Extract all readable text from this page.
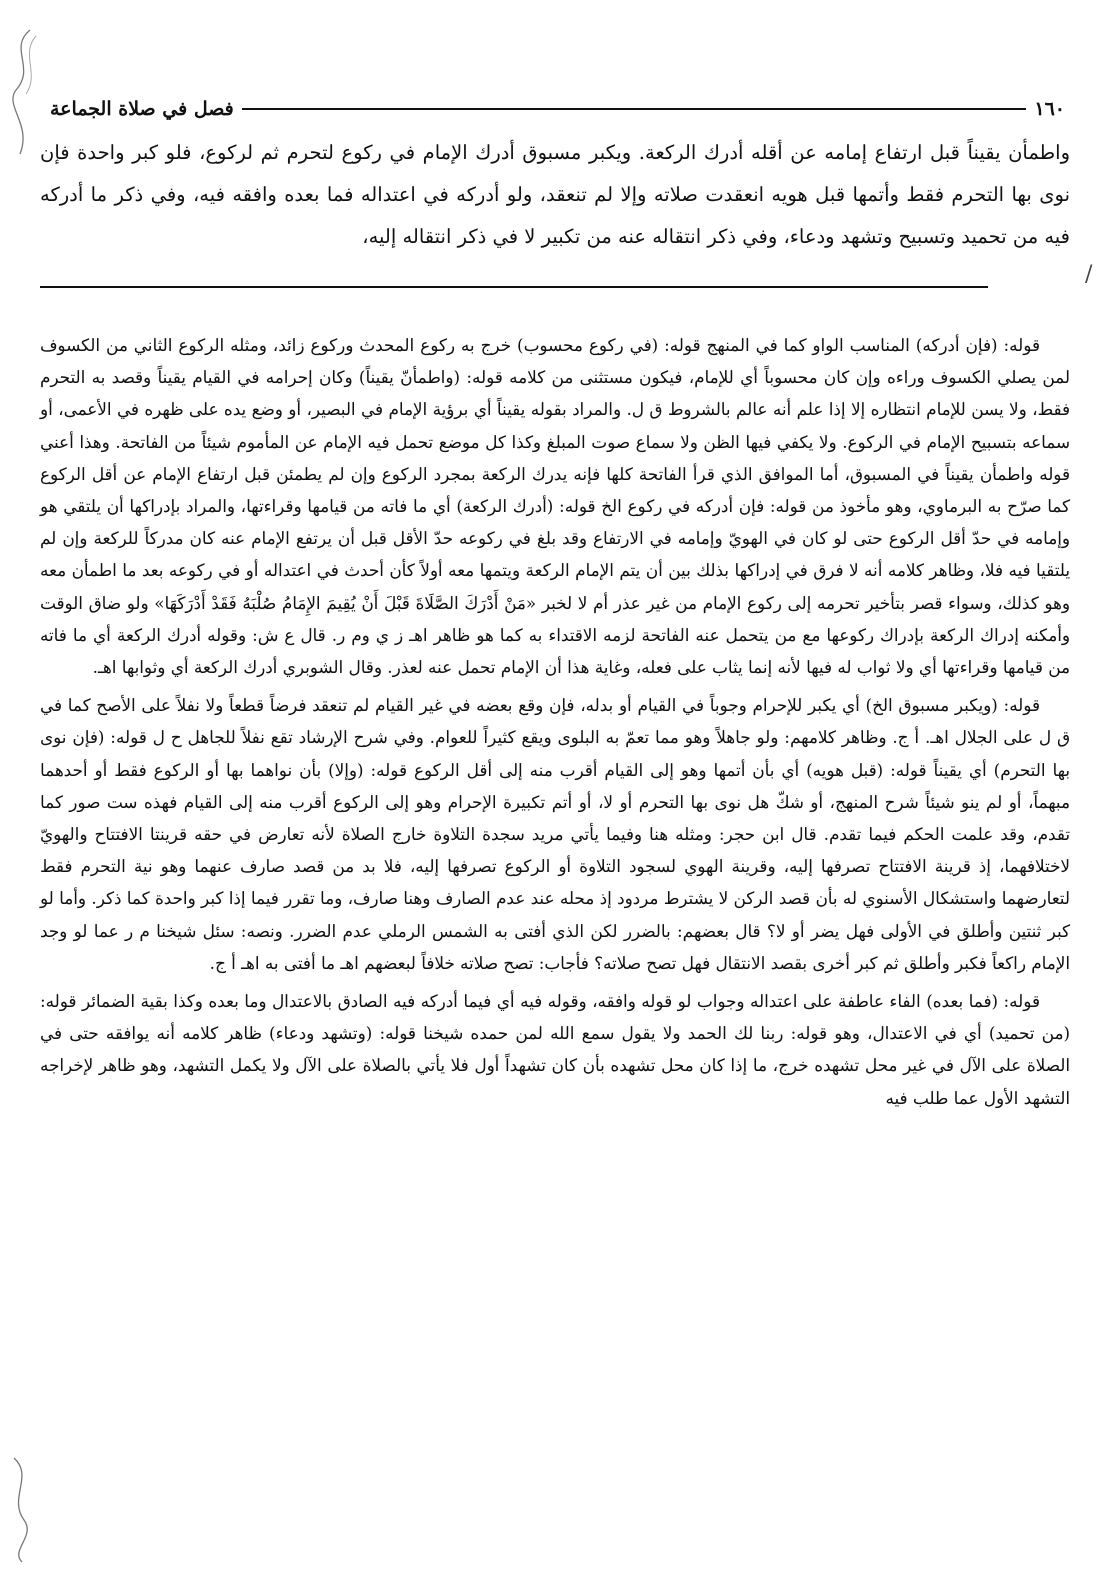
/
١٦٠
فصل في صلاة الجماعة

واطمأن يقيناً قبل ارتفاع إمامه عن أقله أدرك الركعة. ويكبر مسبوق أدرك الإمام في ركوع لتحرم ثم لركوع، فلو كبر واحدة فإن نوى بها التحرم فقط وأتمها قبل هويه انعقدت صلاته وإلا لم تنعقد، ولو أدركه في اعتداله فما بعده وافقه فيه، وفي ذكر ما أدركه فيه من تحميد وتسبيح وتشهد ودعاء، وفي ذكر انتقاله عنه من تكبير لا في ذكر انتقاله إليه،

قوله: (فإن أدركه) المناسب الواو كما في المنهج قوله: (في ركوع محسوب) خرج به ركوع المحدث وركوع زائد، ومثله الركوع الثاني من الكسوف لمن يصلي الكسوف وراءه وإن كان محسوباً أي للإمام، فيكون مستثنى من كلامه قوله: (واطمأنّ يقيناً) وكان إحرامه في القيام يقيناً وقصد به التحرم فقط، ولا يسن للإمام انتظاره إلا إذا علم أنه عالم بالشروط ق ل. والمراد بقوله يقيناً أي برؤية الإمام في البصير، أو وضع يده على ظهره في الأعمى، أو سماعه بتسبيح الإمام في الركوع. ولا يكفي فيها الظن ولا سماع صوت المبلغ وكذا كل موضع تحمل فيه الإمام عن المأموم شيئاً من الفاتحة. وهذا أعني قوله واطمأن يقيناً في المسبوق، أما الموافق الذي قرأ الفاتحة كلها فإنه يدرك الركعة بمجرد الركوع وإن لم يطمئن قبل ارتفاع الإمام عن أقل الركوع كما صرّح به البرماوي، وهو مأخوذ من قوله: فإن أدركه في ركوع الخ قوله: (أدرك الركعة) أي ما فاته من قيامها وقراءتها، والمراد بإدراكها أن يلتقي هو وإمامه في حدّ أقل الركوع حتى لو كان في الهويّ وإمامه في الارتفاع وقد بلغ في ركوعه حدّ الأقل قبل أن يرتفع الإمام عنه كان مدركاً للركعة وإن لم يلتقيا فيه فلا، وظاهر كلامه أنه لا فرق في إدراكها بذلك بين أن يتم الإمام الركعة ويتمها معه أولاً كأن أحدث في اعتداله أو في ركوعه بعد ما اطمأن معه وهو كذلك، وسواء قصر بتأخير تحرمه إلى ركوع الإمام من غير عذر أم لا لخبر «مَنْ أَدْرَكَ الصَّلَاةَ قَبْلَ أَنْ يُقِيمَ الإِمَامُ صُلْبَهُ فَقَدْ أَدْرَكَهَا» ولو ضاق الوقت وأمكنه إدراك الركعة بإدراك ركوعها مع من يتحمل عنه الفاتحة لزمه الاقتداء به كما هو ظاهر اهـ ز ي وم ر. قال ع ش: وقوله أدرك الركعة أي ما فاته من قيامها وقراءتها أي ولا ثواب له فيها لأنه إنما يثاب على فعله، وغاية هذا أن الإمام تحمل عنه لعذر. وقال الشوبري أدرك الركعة أي وثوابها اهـ.

قوله: (ويكبر مسبوق الخ) أي يكبر للإحرام وجوباً في القيام أو بدله، فإن وقع بعضه في غير القيام لم تنعقد فرضاً قطعاً ولا نفلاً على الأصح كما في ق ل على الجلال اهـ. أ ج. وظاهر كلامهم: ولو جاهلاً وهو مما تعمّ به البلوى ويقع كثيراً للعوام. وفي شرح الإرشاد تقع نفلاً للجاهل ح ل قوله: (فإن نوى بها التحرم) أي يقيناً قوله: (قبل هويه) أي بأن أتمها وهو إلى القيام أقرب منه إلى أقل الركوع قوله: (وإلا) بأن نواهما بها أو الركوع فقط أو أحدهما مبهماً، أو لم ينو شيئاً شرح المنهج، أو شكّ هل نوى بها التحرم أو لا، أو أتم تكبيرة الإحرام وهو إلى الركوع أقرب منه إلى القيام فهذه ست صور كما تقدم، وقد علمت الحكم فيما تقدم. قال ابن حجر: ومثله هنا وفيما يأتي مريد سجدة التلاوة خارج الصلاة لأنه تعارض في حقه قرينتا الافتتاح والهويّ لاختلافهما، إذ قرينة الافتتاح تصرفها إليه، وقرينة الهوي لسجود التلاوة أو الركوع تصرفها إليه، فلا بد من قصد صارف عنهما وهو نية التحرم فقط لتعارضهما واستشكال الأسنوي له بأن قصد الركن لا يشترط مردود إذ محله عند عدم الصارف وهنا صارف، وما تقرر فيما إذا كبر واحدة كما ذكر. وأما لو كبر ثنتين وأطلق في الأولى فهل يضر أو لا؟ قال بعضهم: بالضرر لكن الذي أفتى به الشمس الرملي عدم الضرر. ونصه: سئل شيخنا م ر عما لو وجد الإمام راكعاً فكبر وأطلق ثم كبر أخرى بقصد الانتقال فهل تصح صلاته؟ فأجاب: تصح صلاته خلافاً لبعضهم اهـ ما أفتى به اهـ أ ج.

قوله: (فما بعده) الفاء عاطفة على اعتداله وجواب لو قوله وافقه، وقوله فيه أي فيما أدركه فيه الصادق بالاعتدال وما بعده وكذا بقية الضمائر قوله: (من تحميد) أي في الاعتدال، وهو قوله: ربنا لك الحمد ولا يقول سمع الله لمن حمده شيخنا قوله: (وتشهد ودعاء) ظاهر كلامه أنه يوافقه حتى في الصلاة على الآل في غير محل تشهده خرج، ما إذا كان محل تشهده بأن كان تشهداً أول فلا يأتي بالصلاة على الآل ولا يكمل التشهد، وهو ظاهر لإخراجه التشهد الأول عما طلب فيه
